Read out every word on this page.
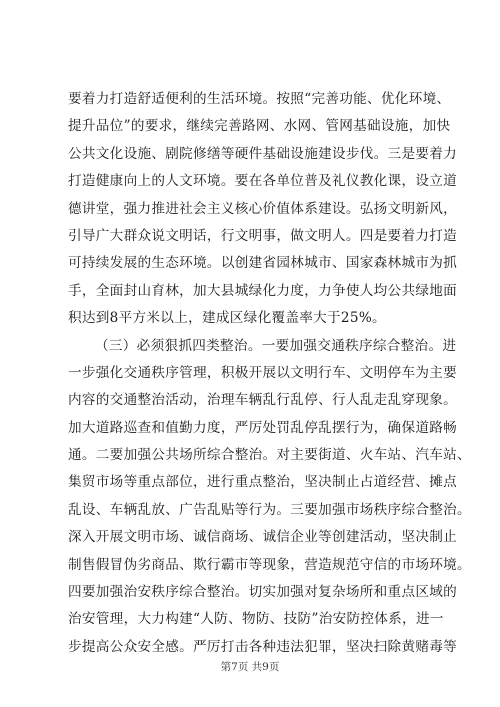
要着力打造舒适便利的生活环境。按照“完善功能、优化环境、
提升品位”的要求，继续完善路网、水网、管网基础设施，加快
公共文化设施、剧院修缮等硬件基础设施建设步伐。三是要着力
打造健康向上的人文环境。要在各单位普及礼仪教化课，设立道
德讲堂，强力推进社会主义核心价值体系建设。弘扬文明新风，
引导广大群众说文明话，行文明事，做文明人。四是要着力打造
可持续发展的生态环境。以创建省园林城市、国家森林城市为抓
手，全面封山育林，加大县城绿化力度，力争使人均公共绿地面
积达到8平方米以上，建成区绿化覆盖率大于25%。
（三）必须狠抓四类整治。一要加强交通秩序综合整治。进
一步强化交通秩序管理，积极开展以文明行车、文明停车为主要
内容的交通整治活动，治理车辆乱行乱停、行人乱走乱穿现象。
加大道路巡查和值勤力度，严厉处罚乱停乱摆行为，确保道路畅
通。二要加强公共场所综合整治。对主要街道、火车站、汽车站、
集贸市场等重点部位，进行重点整治，坚决制止占道经营、摊点
乱设、车辆乱放、广告乱贴等行为。三要加强市场秩序综合整治。
深入开展文明市场、诚信商场、诚信企业等创建活动，坚决制止
制售假冒伪劣商品、欺行霸市等现象，营造规范守信的市场环境。
四要加强治安秩序综合整治。切实加强对复杂场所和重点区域的
治安管理，大力构建“人防、物防、技防”治安防控体系，进一
步提高公众安全感。严厉打击各种违法犯罪，坚决扫除黄赌毒等
第7页 共9页
